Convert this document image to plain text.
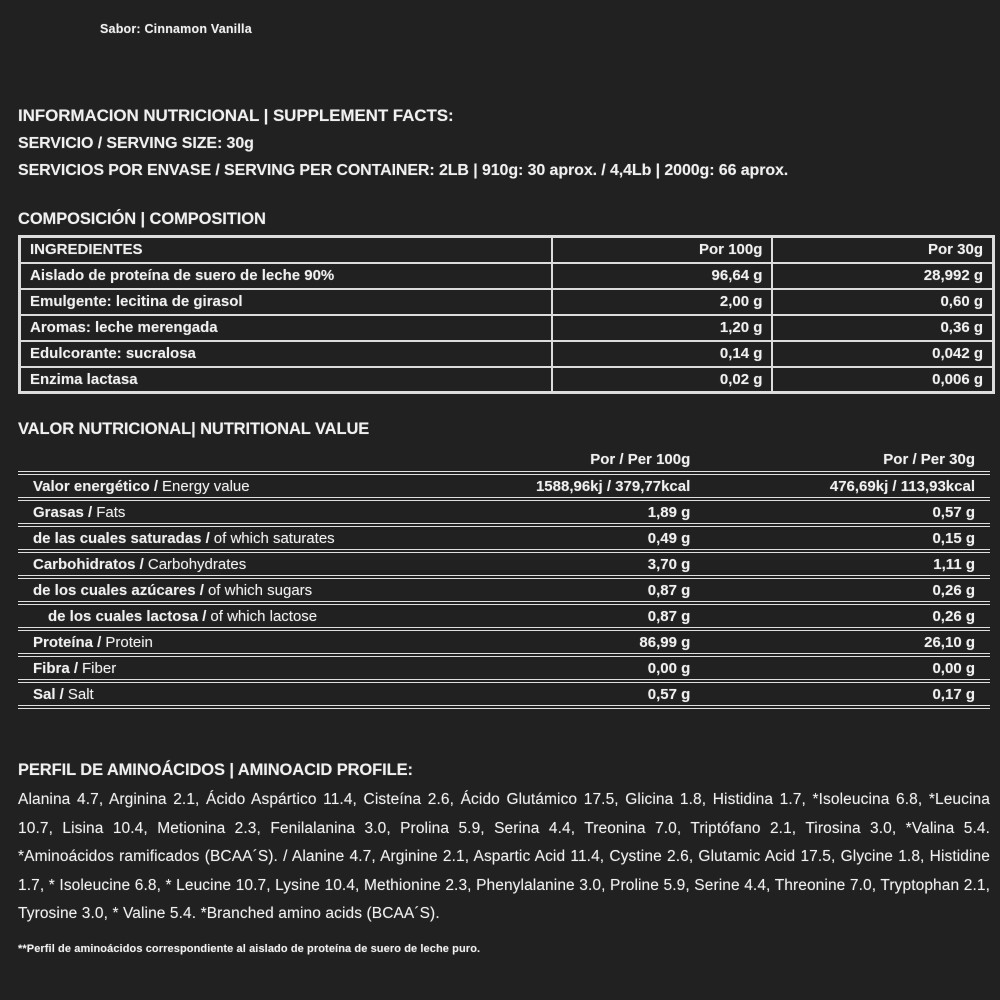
Sabor: Cinnamon Vanilla
INFORMACION NUTRICIONAL | SUPPLEMENT FACTS:
SERVICIO / SERVING SIZE: 30g
SERVICIOS POR ENVASE / SERVING PER CONTAINER: 2LB | 910g: 30 aprox. / 4,4Lb | 2000g: 66 aprox.
COMPOSICIÓN | COMPOSITION
INGREDIENTES	Por 100g	Por 30g
Aislado de proteína de suero de leche 90%	96,64 g	28,992 g
Emulgente: lecitina de girasol	2,00 g	0,60 g
Aromas: leche merengada	1,20 g	0,36 g
Edulcorante: sucralosa	0,14 g	0,042 g
Enzima lactasa	0,02 g	0,006 g
VALOR NUTRICIONAL| NUTRITIONAL VALUE
	Por / Per 100g	Por / Per 30g
Valor energético / Energy value	1588,96kj / 379,77kcal	476,69kj / 113,93kcal
Grasas / Fats	1,89 g	0,57 g
de las cuales saturadas / of which saturates	0,49 g	0,15 g
Carbohidratos / Carbohydrates	3,70 g	1,11 g
de los cuales azúcares / of which sugars	0,87 g	0,26 g
de los cuales lactosa / of which lactose	0,87 g	0,26 g
Proteína / Protein	86,99 g	26,10 g
Fibra / Fiber	0,00 g	0,00 g
Sal / Salt	0,57 g	0,17 g
PERFIL DE AMINOÁCIDOS | AMINOACID PROFILE:
Alanina 4.7, Arginina 2.1, Ácido Aspártico 11.4, Cisteína 2.6, Ácido Glutámico 17.5, Glicina 1.8, Histidina 1.7, *Isoleucina 6.8, *Leucina 10.7, Lisina 10.4, Metionina 2.3, Fenilalanina 3.0, Prolina 5.9, Serina 4.4, Treonina 7.0, Triptófano 2.1, Tirosina 3.0, *Valina 5.4. *Aminoácidos ramificados (BCAA´S). / Alanine 4.7, Arginine 2.1, Aspartic Acid 11.4, Cystine 2.6, Glutamic Acid 17.5, Glycine 1.8, Histidine 1.7, * Isoleucine 6.8, * Leucine 10.7, Lysine 10.4, Methionine 2.3, Phenylalanine 3.0, Proline 5.9, Serine 4.4, Threonine 7.0, Tryptophan 2.1, Tyrosine 3.0, * Valine 5.4. *Branched amino acids (BCAA´S).
**Perfil de aminoácidos correspondiente al aislado de proteína de suero de leche puro.
